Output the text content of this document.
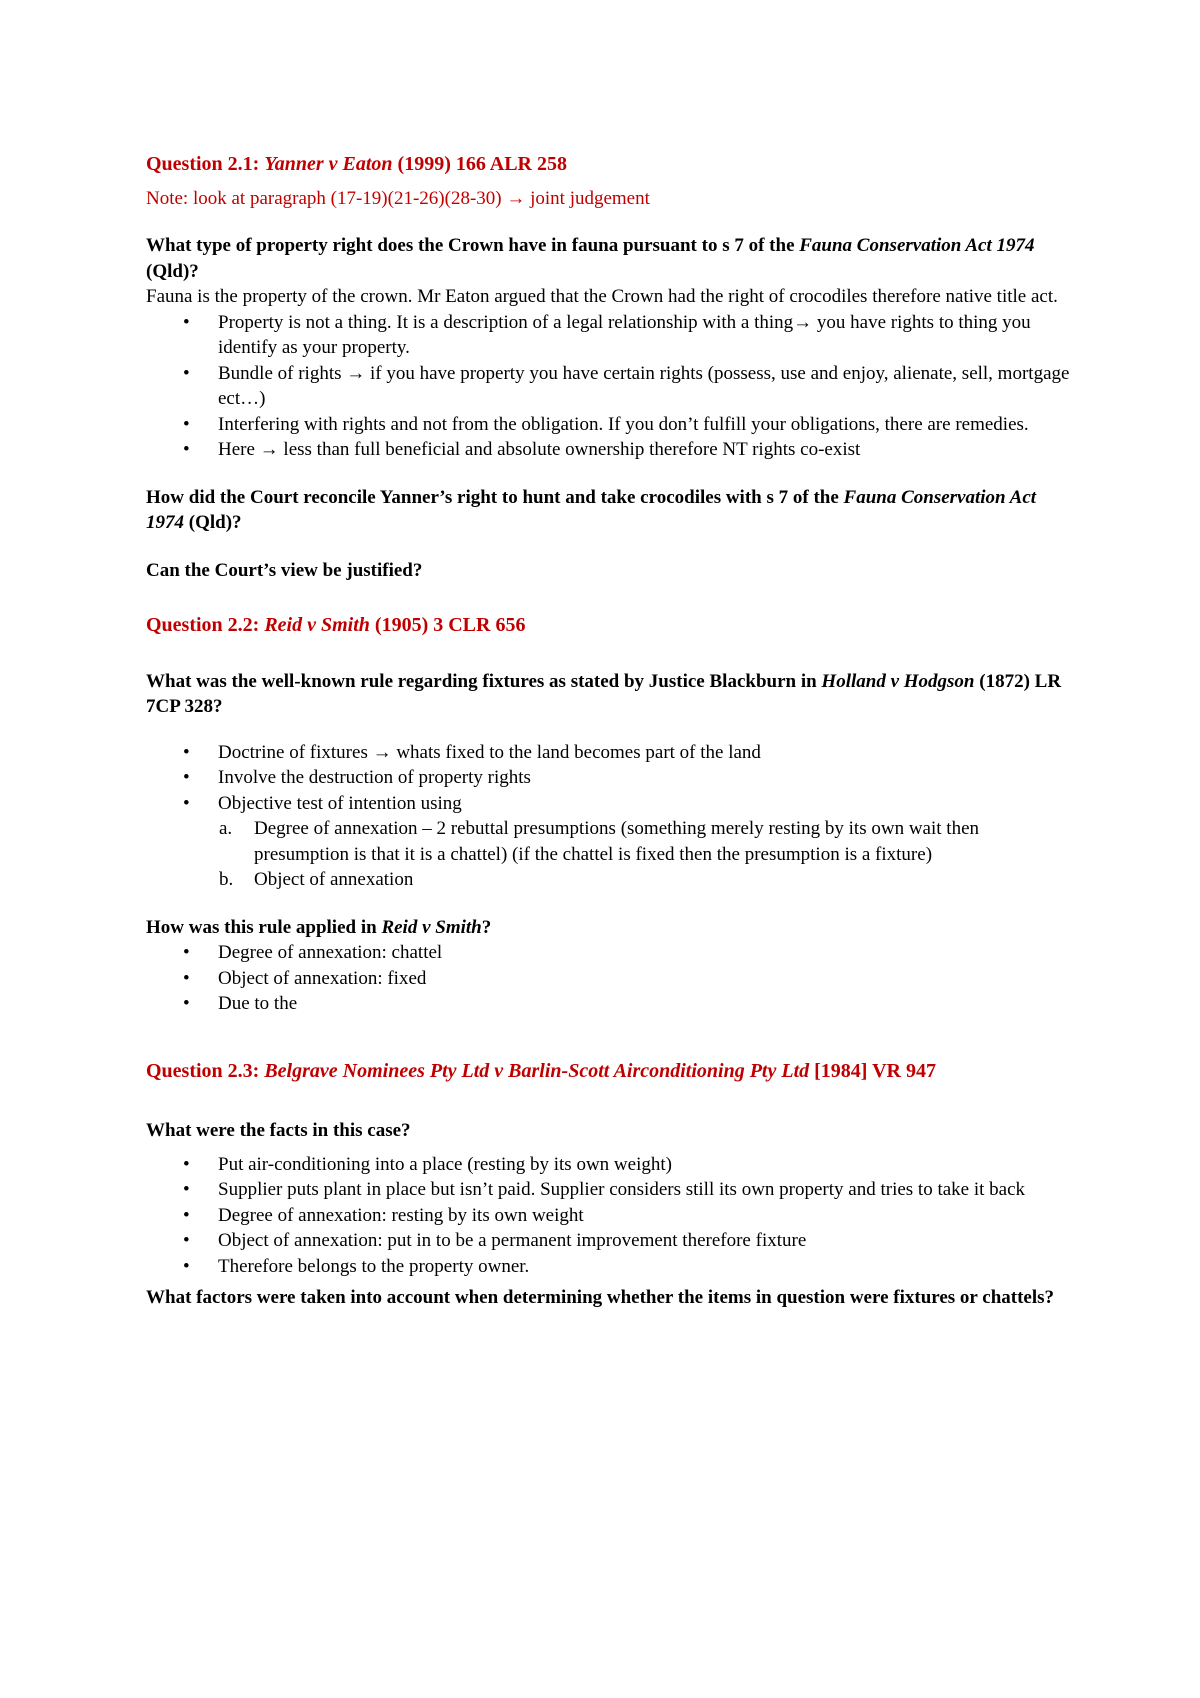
Question 2.1: Yanner v Eaton (1999) 166 ALR 258

Note: look at paragraph (17-19)(21-26)(28-30) → joint judgement

What type of property right does the Crown have in fauna pursuant to s 7 of the Fauna Conservation Act 1974 (Qld)?

Fauna is the property of the crown. Mr Eaton argued that the Crown had the right of crocodiles therefore native title act.

• Property is not a thing. It is a description of a legal relationship with a thing→ you have rights to thing you identify as your property.
• Bundle of rights → if you have property you have certain rights (possess, use and enjoy, alienate, sell, mortgage ect…)
• Interfering with rights and not from the obligation. If you don’t fulfill your obligations, there are remedies.
• Here → less than full beneficial and absolute ownership therefore NT rights co-exist

How did the Court reconcile Yanner’s right to hunt and take crocodiles with s 7 of the Fauna Conservation Act 1974 (Qld)?

Can the Court’s view be justified?

Question 2.2: Reid v Smith (1905) 3 CLR 656

What was the well-known rule regarding fixtures as stated by Justice Blackburn in Holland v Hodgson (1872) LR 7CP 328?

• Doctrine of fixtures → whats fixed to the land becomes part of the land
• Involve the destruction of property rights
• Objective test of intention using
a. Degree of annexation – 2 rebuttal presumptions (something merely resting by its own wait then presumption is that it is a chattel) (if the chattel is fixed then the presumption is a fixture)
b. Object of annexation

How was this rule applied in Reid v Smith?

• Degree of annexation: chattel
• Object of annexation: fixed
• Due to the

Question 2.3: Belgrave Nominees Pty Ltd v Barlin-Scott Airconditioning Pty Ltd [1984] VR 947

What were the facts in this case?

• Put air-conditioning into a place (resting by its own weight)
• Supplier puts plant in place but isn’t paid. Supplier considers still its own property and tries to take it back
• Degree of annexation: resting by its own weight
• Object of annexation: put in to be a permanent improvement therefore fixture
• Therefore belongs to the property owner.

What factors were taken into account when determining whether the items in question were fixtures or chattels?
